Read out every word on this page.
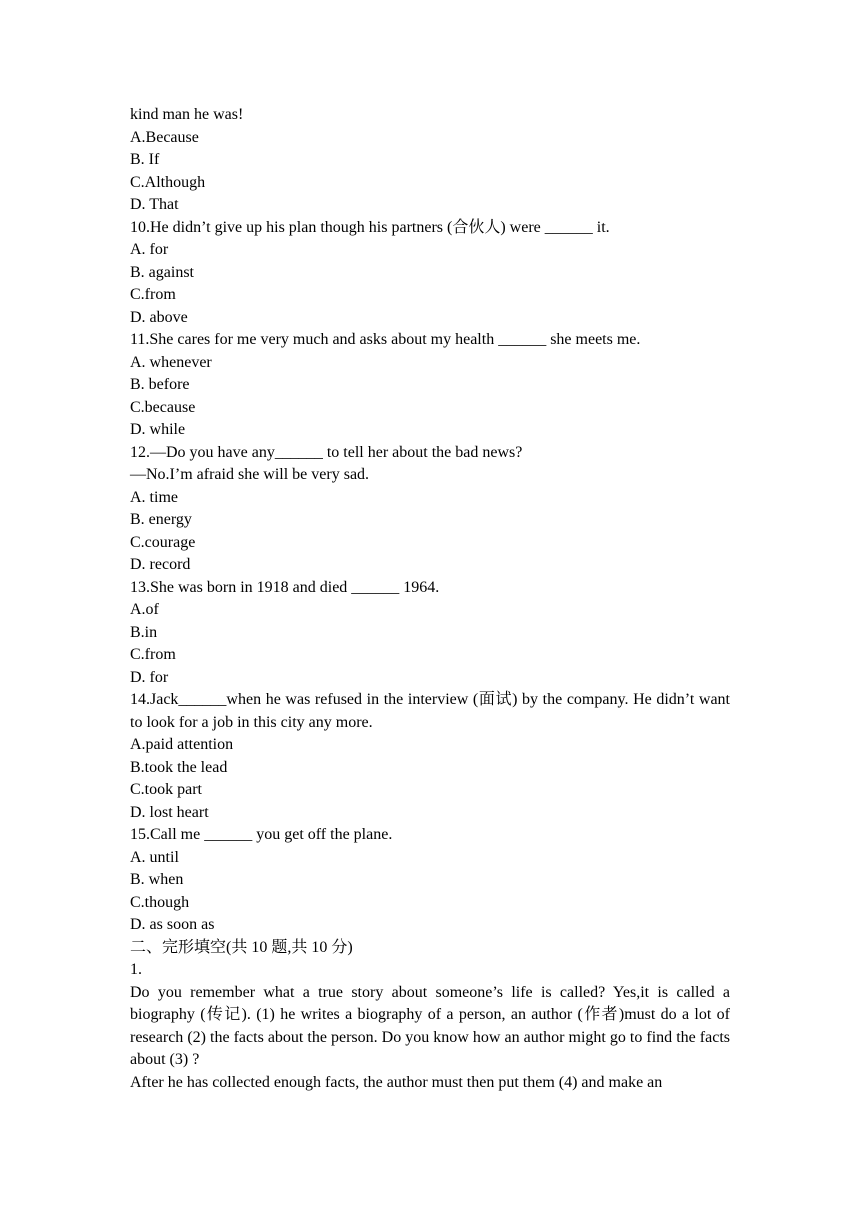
kind man he was!
A.Because
B. If
C.Although
D. That
10.He didn’t give up his plan though his partners (合伙人) were ______ it.
A. for
B. against
C.from
D. above
11.She cares for me very much and asks about my health ______ she meets me.
A. whenever
B. before
C.because
D. while
12.—Do you have any______ to tell her about the bad news?
—No.I’m afraid she will be very sad.
A. time
B. energy
C.courage
D. record
13.She was born in 1918 and died ______ 1964.
A.of
B.in
C.from
D. for
14.Jack______when he was refused in the interview (面试) by the company. He didn’t want to look for a job in this city any more.
A.paid attention
B.took the lead
C.took part
D. lost heart
15.Call me ______ you get off the plane.
A. until
B. when
C.though
D. as soon as
二、完形填空(共 10 题,共 10 分)
1.
Do you remember what a true story about someone’s life is called? Yes,it is called a biography (传记). (1) he writes a biography of a person, an author (作者)must do a lot of research (2) the facts about the person. Do you know how an author might go to find the facts about (3) ?
After he has collected enough facts, the author must then put them (4) and make an
